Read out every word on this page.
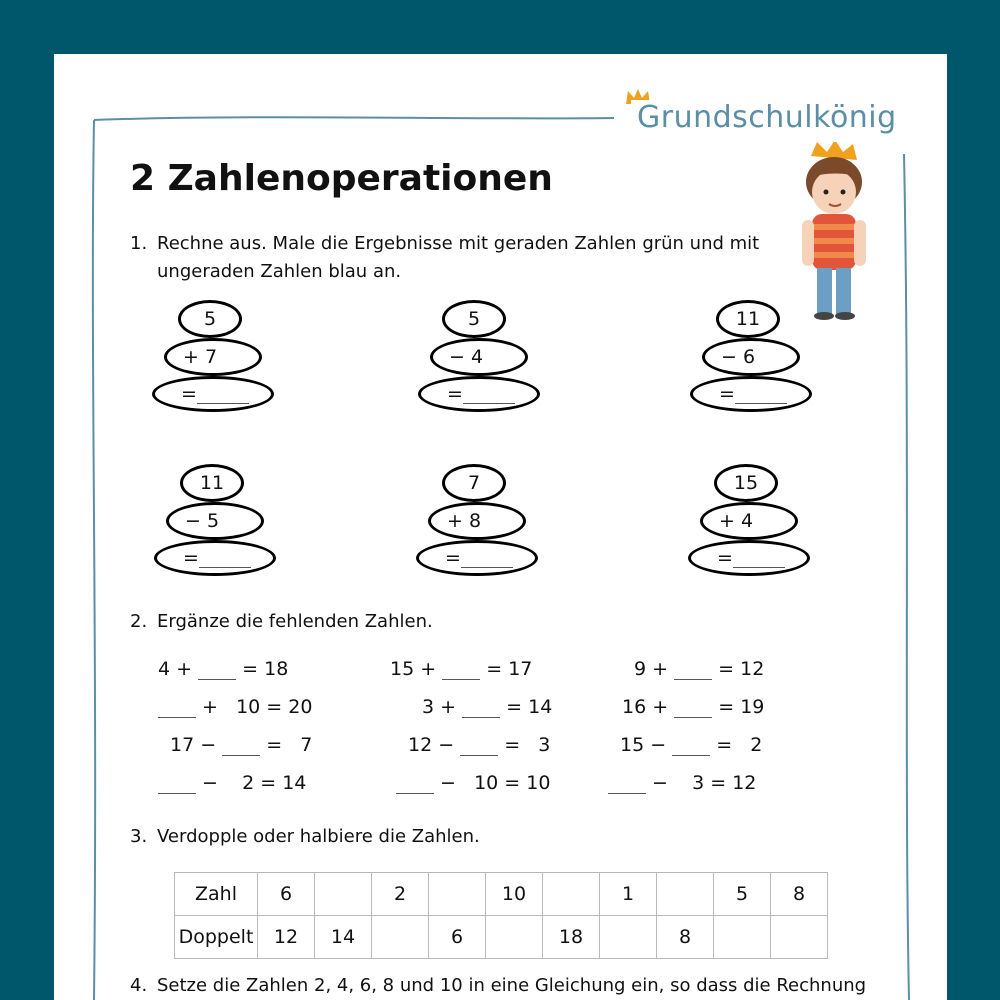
Grundschulkönig
2 Zahlenoperationen
1. Rechne aus. Male die Ergebnisse mit geraden Zahlen grün und mit
ungeraden Zahlen blau an.
5
+ 7
=
5
− 4
=
11
− 6
=
11
− 5
=
7
+ 8
=
15
+ 4
=
2. Ergänze die fehlenden Zahlen.
4 +	= 18	15 +	= 17	9 +	= 12
+   10 = 20	3 +	= 14	16 +	= 19
17 −	=   7	12 −	=   3	15 −	=   2
−    2 = 14	−   10 = 10	−    3 = 12
3. Verdopple oder halbiere die Zahlen.
Zahl	6		2		10		1		5	8
Doppelt	12	14		6		18		8		
4. Setze die Zahlen 2, 4, 6, 8 und 10 in eine Gleichung ein, so dass die Rechnung
